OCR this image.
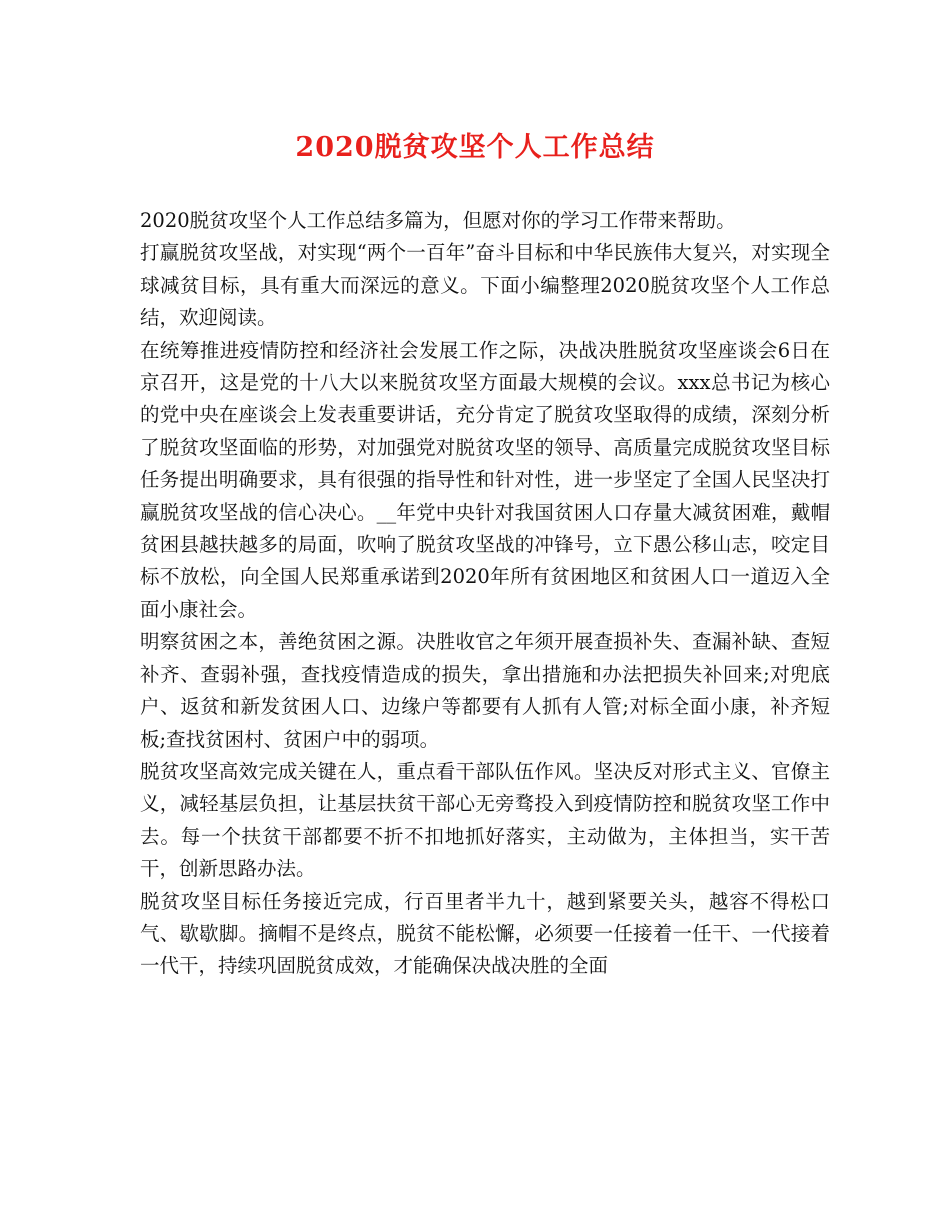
2020脱贫攻坚个人工作总结

2020脱贫攻坚个人工作总结多篇为，但愿对你的学习工作带来帮助。

打赢脱贫攻坚战，对实现“两个一百年”奋斗目标和中华民族伟大复兴，对实现全球减贫目标，具有重大而深远的意义。下面小编整理2020脱贫攻坚个人工作总结，欢迎阅读。

在统筹推进疫情防控和经济社会发展工作之际，决战决胜脱贫攻坚座谈会6日在京召开，这是党的十八大以来脱贫攻坚方面最大规模的会议。xxx总书记为核心的党中央在座谈会上发表重要讲话，充分肯定了脱贫攻坚取得的成绩，深刻分析了脱贫攻坚面临的形势，对加强党对脱贫攻坚的领导、高质量完成脱贫攻坚目标任务提出明确要求，具有很强的指导性和针对性，进一步坚定了全国人民坚决打赢脱贫攻坚战的信心决心。__年党中央针对我国贫困人口存量大减贫困难，戴帽贫困县越扶越多的局面，吹响了脱贫攻坚战的冲锋号，立下愚公移山志，咬定目标不放松，向全国人民郑重承诺到2020年所有贫困地区和贫困人口一道迈入全面小康社会。

明察贫困之本，善绝贫困之源。决胜收官之年须开展查损补失、查漏补缺、查短补齐、查弱补强，查找疫情造成的损失，拿出措施和办法把损失补回来;对兜底户、返贫和新发贫困人口、边缘户等都要有人抓有人管;对标全面小康，补齐短板;查找贫困村、贫困户中的弱项。

脱贫攻坚高效完成关键在人，重点看干部队伍作风。坚决反对形式主义、官僚主义，减轻基层负担，让基层扶贫干部心无旁骛投入到疫情防控和脱贫攻坚工作中去。每一个扶贫干部都要不折不扣地抓好落实，主动做为，主体担当，实干苦干，创新思路办法。

脱贫攻坚目标任务接近完成，行百里者半九十，越到紧要关头，越容不得松口气、歇歇脚。摘帽不是终点，脱贫不能松懈，必须要一任接着一任干、一代接着一代干，持续巩固脱贫成效，才能确保决战决胜的全面
